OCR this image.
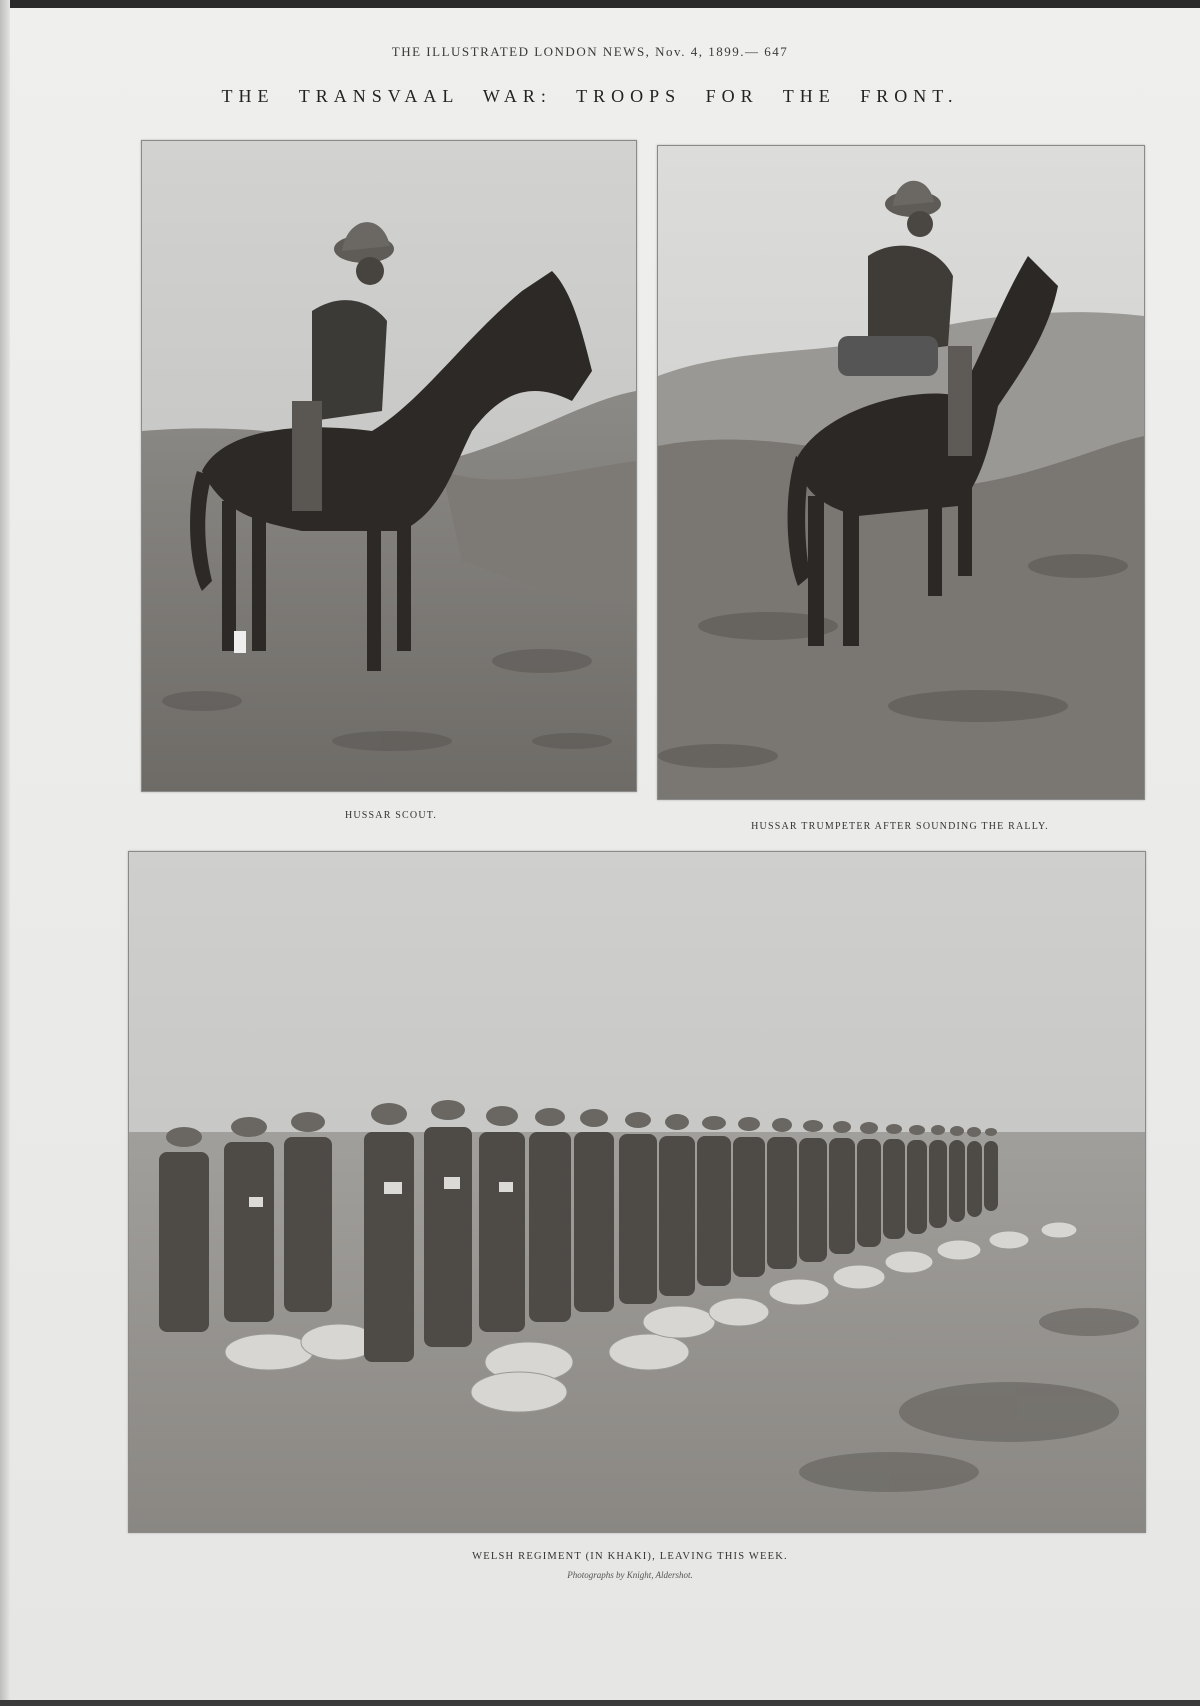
THE ILLUSTRATED LONDON NEWS, Nov. 4, 1899.— 647
THE TRANSVAAL WAR: TROOPS FOR THE FRONT.
HUSSAR SCOUT.
HUSSAR TRUMPETER AFTER SOUNDING THE RALLY.
WELSH REGIMENT (IN KHAKI), LEAVING THIS WEEK.
Photographs by Knight, Aldershot.
